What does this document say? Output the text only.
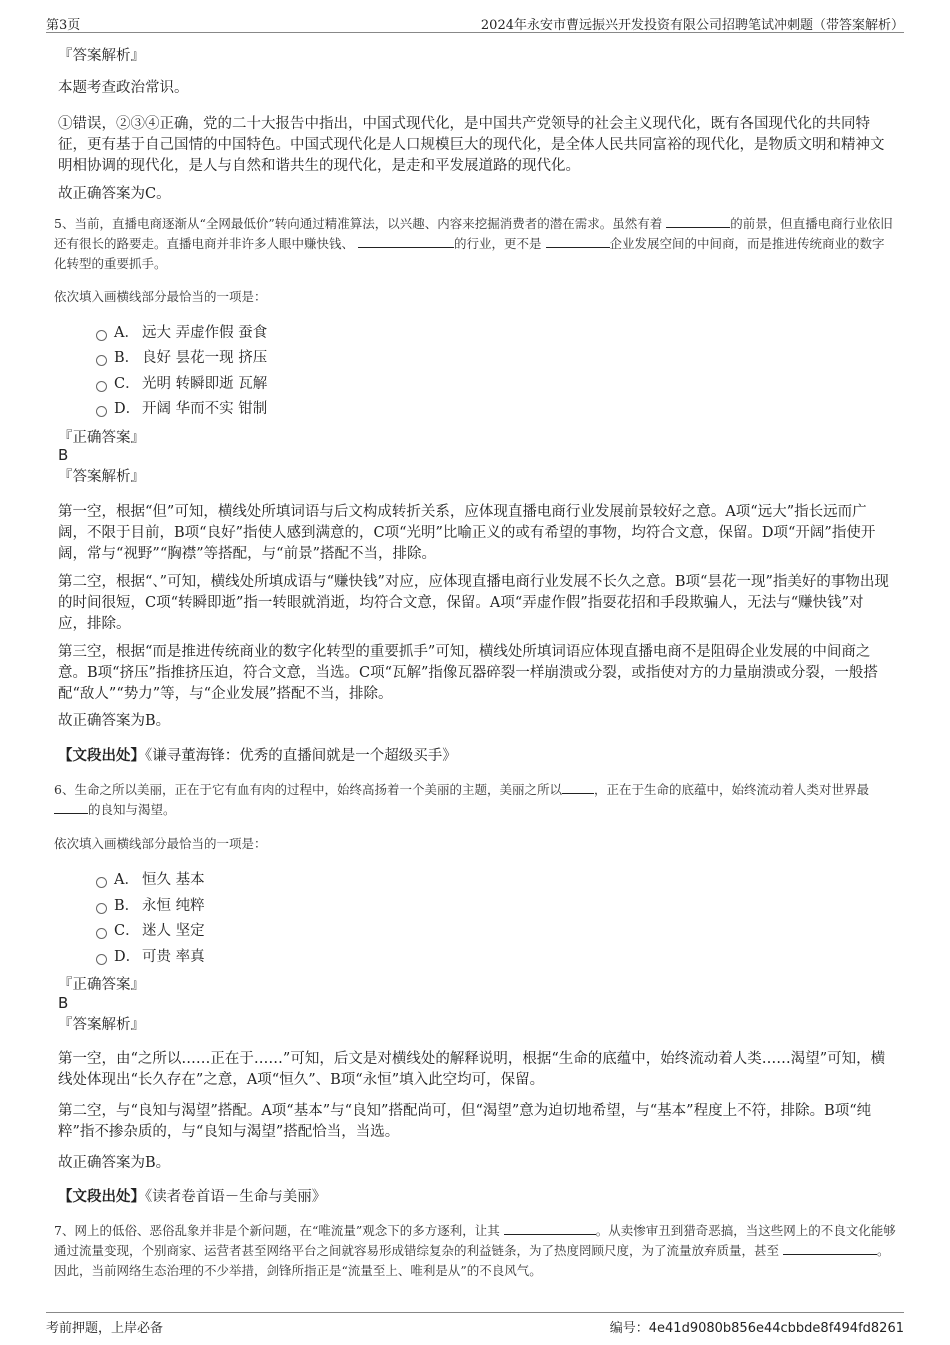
第3页	2024年永安市曹远振兴开发投资有限公司招聘笔试冲刺题（带答案解析）
『答案解析』

本题考查政治常识。

①错误，②③④正确，党的二十大报告中指出，中国式现代化，是中国共产党领导的社会主义现代化，既有各国现代化的共同特征，更有基于自己国情的中国特色。中国式现代化是人口规模巨大的现代化，是全体人民共同富裕的现代化，是物质文明和精神文明相协调的现代化，是人与自然和谐共生的现代化，是走和平发展道路的现代化。

故正确答案为C。

5、当前，直播电商逐渐从“全网最低价”转向通过精准算法，以兴趣、内容来挖掘消费者的潜在需求。虽然有着	的前景，但直播电商行业依旧还有很长的路要走。直播电商并非许多人眼中赚快钱、	的行业，更不是	企业发展空间的中间商，而是推进传统商业的数字化转型的重要抓手。

依次填入画横线部分最恰当的一项是：

A． 远大 弄虚作假 蚕食
B． 良好 昙花一现 挤压
C． 光明 转瞬即逝 瓦解
D． 开阔 华而不实 钳制
『正确答案』
B
『答案解析』

第一空，根据“但”可知，横线处所填词语与后文构成转折关系，应体现直播电商行业发展前景较好之意。A项“远大”指长远而广阔，不限于目前，B项“良好”指使人感到满意的，C项“光明”比喻正义的或有希望的事物，均符合文意，保留。D项“开阔”指使开阔，常与“视野”“胸襟”等搭配，与“前景”搭配不当，排除。

第二空，根据“、”可知，横线处所填成语与“赚快钱”对应，应体现直播电商行业发展不长久之意。B项“昙花一现”指美好的事物出现的时间很短，C项“转瞬即逝”指一转眼就消逝，均符合文意，保留。A项“弄虚作假”指耍花招和手段欺骗人，无法与“赚快钱”对应，排除。

第三空，根据“而是推进传统商业的数字化转型的重要抓手”可知，横线处所填词语应体现直播电商不是阻碍企业发展的中间商之意。B项“挤压”指推挤压迫，符合文意，当选。C项“瓦解”指像瓦器碎裂一样崩溃或分裂，或指使对方的力量崩溃或分裂，一般搭配“敌人”“势力”等，与“企业发展”搭配不当，排除。

故正确答案为B。

【文段出处】《谦寻董海锋：优秀的直播间就是一个超级买手》

6、生命之所以美丽，正在于它有血有肉的过程中，始终高扬着一个美丽的主题，美丽之所以	，正在于生命的底蕴中，始终流动着人类对世界最的良知与渴望。

依次填入画横线部分最恰当的一项是：

A． 恒久 基本
B． 永恒 纯粹
C． 迷人 坚定
D． 可贵 率真
『正确答案』
B
『答案解析』

第一空，由“之所以……正在于……”可知，后文是对横线处的解释说明，根据“生命的底蕴中，始终流动着人类……渴望”可知，横线处体现出“长久存在”之意，A项“恒久”、B项“永恒”填入此空均可，保留。

第二空，与“良知与渴望”搭配。A项“基本”与“良知”搭配尚可，但“渴望”意为迫切地希望，与“基本”程度上不符，排除。B项“纯粹”指不掺杂质的，与“良知与渴望”搭配恰当，当选。

故正确答案为B。

【文段出处】《读者卷首语－生命与美丽》

7、网上的低俗、恶俗乱象并非是个新问题，在“唯流量”观念下的多方逐利，让其	。从卖惨审丑到猎奇恶搞，当这些网上的不良文化能够通过流量变现，个别商家、运营者甚至网络平台之间就容易形成错综复杂的利益链条，为了热度罔顾尺度，为了流量放弃质量，甚至	。因此，当前网络生态治理的不少举措，剑锋所指正是“流量至上、唯利是从”的不良风气。

考前押题，上岸必备	编号：4e41d9080b856e44cbbde8f494fd8261
